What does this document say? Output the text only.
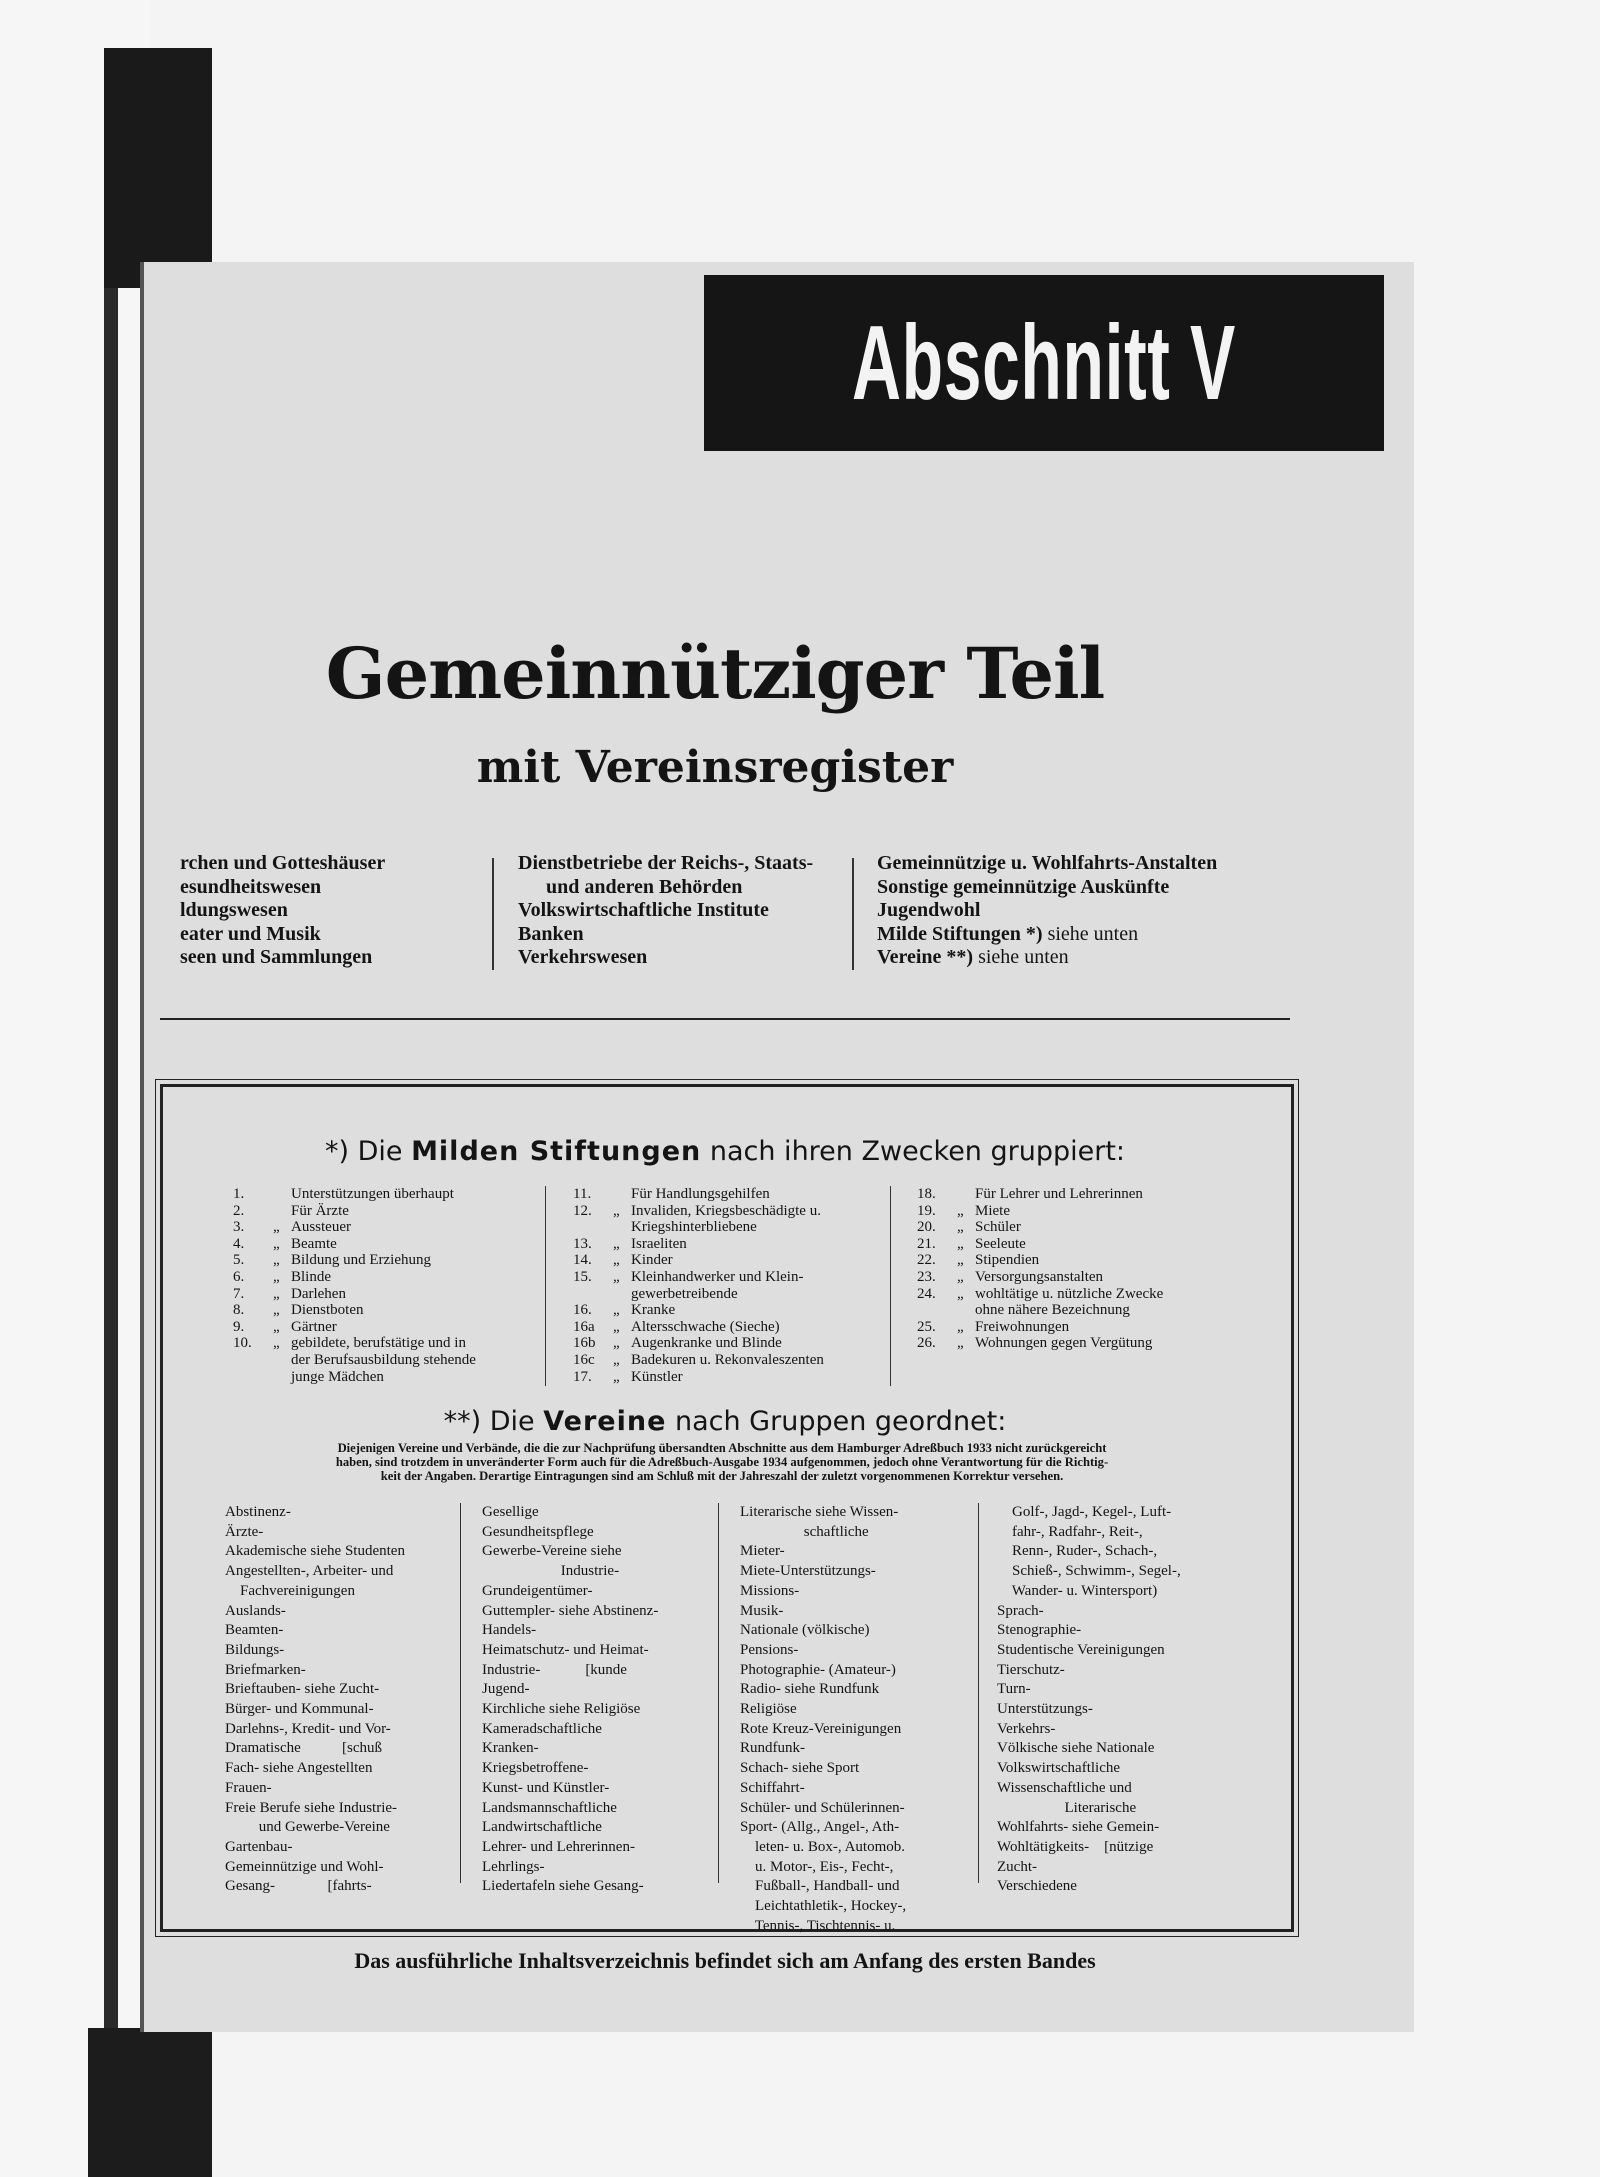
Abschnitt V
Gemeinnütziger Teil
mit Vereinsregister
rchen und Gotteshäuser
esundheitswesen
ldungswesen
eater und Musik
seen und Sammlungen
Dienstbetriebe der Reichs-, Staats-
und anderen Behörden
Volkswirtschaftliche Institute
Banken
Verkehrswesen
Gemeinnützige u. Wohlfahrts-Anstalten
Sonstige gemeinnützige Auskünfte
Jugendwohl
Milde Stiftungen *) siehe unten
Vereine **) siehe unten
*) Die Milden Stiftungen nach ihren Zwecken gruppiert:
1.	Unterstützungen überhaupt
2.	Für Ärzte
3.	„ Aussteuer
4.	„ Beamte
5.	„ Bildung und Erziehung
6.	„ Blinde
7.	„ Darlehen
8.	„ Dienstboten
9.	„ Gärtner
10.	„ gebildete, berufstätige und in
der Berufsausbildung stehende
junge Mädchen
11.	Für Handlungsgehilfen
12.	„ Invaliden, Kriegsbeschädigte u.
Kriegshinterbliebene
13.	„ Israeliten
14.	„ Kinder
15.	„ Kleinhandwerker und Klein-
gewerbetreibende
16.	„ Kranke
16a	„ Altersschwache (Sieche)
16b	„ Augenkranke und Blinde
16c	„ Badekuren u. Rekonvaleszenten
17.	„ Künstler
18.	Für Lehrer und Lehrerinnen
19.	„ Miete
20.	„ Schüler
21.	„ Seeleute
22.	„ Stipendien
23.	„ Versorgungsanstalten
24.	„ wohltätige u. nützliche Zwecke
ohne nähere Bezeichnung
25.	„ Freiwohnungen
26.	„ Wohnungen gegen Vergütung
**) Die Vereine nach Gruppen geordnet:
Diejenigen Vereine und Verbände, die die zur Nachprüfung übersandten Abschnitte aus dem Hamburger Adreßbuch 1933 nicht zurückgereicht
haben, sind trotzdem in unveränderter Form auch für die Adreßbuch-Ausgabe 1934 aufgenommen, jedoch ohne Verantwortung für die Richtig-
keit der Angaben. Derartige Eintragungen sind am Schluß mit der Jahreszahl der zuletzt vorgenommenen Korrektur versehen.
Abstinenz-
Ärzte-
Akademische siehe Studenten
Angestellten-, Arbeiter- und
Fachvereinigungen
Auslands-
Beamten-
Bildungs-
Briefmarken-
Brieftauben- siehe Zucht-
Bürger- und Kommunal-
Darlehns-, Kredit- und Vor-
Dramatische           [schuß
Fach- siehe Angestellten
Frauen-
Freie Berufe siehe Industrie-
und Gewerbe-Vereine
Gartenbau-
Gemeinnützige und Wohl-
Gesang-              [fahrts-
Gesellige
Gesundheitspflege
Gewerbe-Vereine siehe
Industrie-
Grundeigentümer-
Guttempler- siehe Abstinenz-
Handels-
Heimatschutz- und Heimat-
Industrie-            [kunde
Jugend-
Kirchliche siehe Religiöse
Kameradschaftliche
Kranken-
Kriegsbetroffene-
Kunst- und Künstler-
Landsmannschaftliche
Landwirtschaftliche
Lehrer- und Lehrerinnen-
Lehrlings-
Liedertafeln siehe Gesang-
Literarische siehe Wissen-
schaftliche
Mieter-
Miete-Unterstützungs-
Missions-
Musik-
Nationale (völkische)
Pensions-
Photographie- (Amateur-)
Radio- siehe Rundfunk
Religiöse
Rote Kreuz-Vereinigungen
Rundfunk-
Schach- siehe Sport
Schiffahrt-
Schüler- und Schülerinnen-
Sport- (Allg., Angel-, Ath-
leten- u. Box-, Automob.
u. Motor-, Eis-, Fecht-,
Fußball-, Handball- und
Leichtathletik-, Hockey-,
Tennis-, Tischtennis- u.
Golf-, Jagd-, Kegel-, Luft-
fahr-, Radfahr-, Reit-,
Renn-, Ruder-, Schach-,
Schieß-, Schwimm-, Segel-,
Wander- u. Wintersport)
Sprach-
Stenographie-
Studentische Vereinigungen
Tierschutz-
Turn-
Unterstützungs-
Verkehrs-
Völkische siehe Nationale
Volkswirtschaftliche
Wissenschaftliche und
Literarische
Wohlfahrts- siehe Gemein-
Wohltätigkeits-    [nützige
Zucht-
Verschiedene
Das ausführliche Inhaltsverzeichnis befindet sich am Anfang des ersten Bandes
